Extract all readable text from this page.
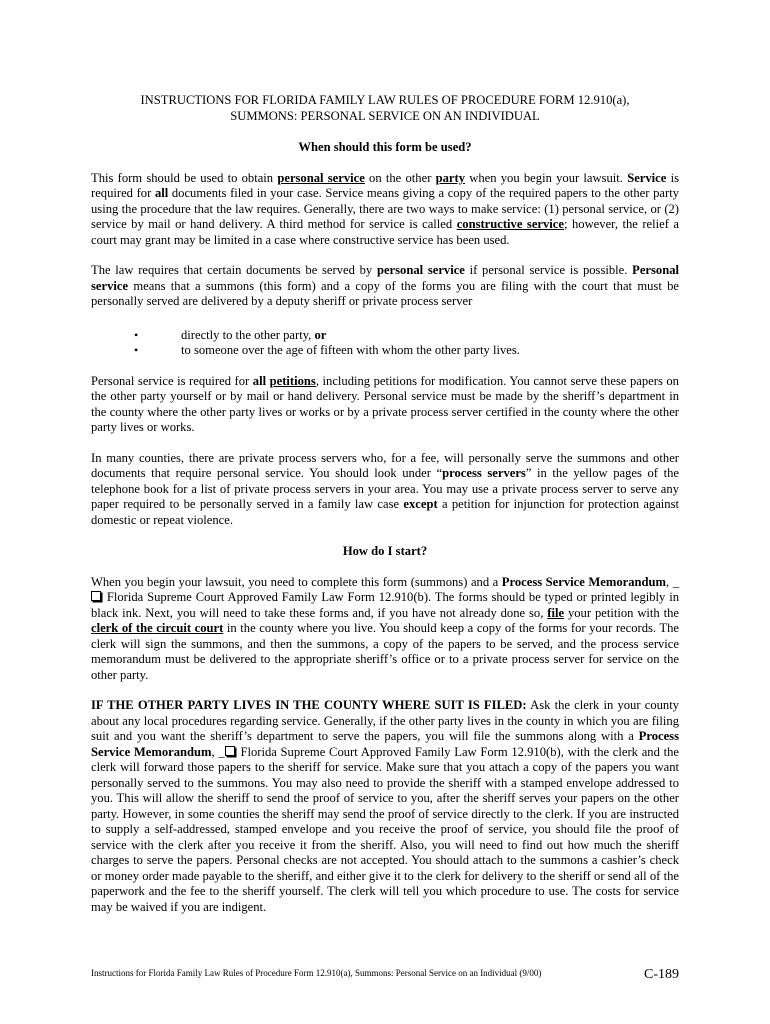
INSTRUCTIONS FOR FLORIDA FAMILY LAW RULES OF PROCEDURE FORM 12.910(a),
SUMMONS: PERSONAL SERVICE ON AN INDIVIDUAL
When should this form be used?

This form should be used to obtain personal service on the other party when you begin your lawsuit. Service is required for all documents filed in your case. Service means giving a copy of the required papers to the other party using the procedure that the law requires. Generally, there are two ways to make service: (1) personal service, or (2) service by mail or hand delivery. A third method for service is called constructive service; however, the relief a court may grant may be limited in a case where constructive service has been used.

The law requires that certain documents be served by personal service if personal service is possible. Personal service means that a summons (this form) and a copy of the forms you are filing with the court that must be personally served are delivered by a deputy sheriff or private process server

•	directly to the other party, or
•	to someone over the age of fifteen with whom the other party lives.

Personal service is required for all petitions, including petitions for modification. You cannot serve these papers on the other party yourself or by mail or hand delivery. Personal service must be made by the sheriff’s department in the county where the other party lives or works or by a private process server certified in the county where the other party lives or works.

In many counties, there are private process servers who, for a fee, will personally serve the summons and other documents that require personal service. You should look under “process servers” in the yellow pages of the telephone book for a list of private process servers in your area. You may use a private process server to serve any paper required to be personally served in a family law case except a petition for injunction for protection against domestic or repeat violence.

How do I start?

When you begin your lawsuit, you need to complete this form (summons) and a Process Service Memorandum, _ Florida Supreme Court Approved Family Law Form 12.910(b). The forms should be typed or printed legibly in black ink. Next, you will need to take these forms and, if you have not already done so, file your petition with the clerk of the circuit court in the county where you live. You should keep a copy of the forms for your records. The clerk will sign the summons, and then the summons, a copy of the papers to be served, and the process service memorandum must be delivered to the appropriate sheriff’s office or to a private process server for service on the other party.

IF THE OTHER PARTY LIVES IN THE COUNTY WHERE SUIT IS FILED: Ask the clerk in your county about any local procedures regarding service. Generally, if the other party lives in the county in which you are filing suit and you want the sheriff’s department to serve the papers, you will file the summons along with a Process Service Memorandum, _ Florida Supreme Court Approved Family Law Form 12.910(b), with the clerk and the clerk will forward those papers to the sheriff for service. Make sure that you attach a copy of the papers you want personally served to the summons. You may also need to provide the sheriff with a stamped envelope addressed to you. This will allow the sheriff to send the proof of service to you, after the sheriff serves your papers on the other party. However, in some counties the sheriff may send the proof of service directly to the clerk. If you are instructed to supply a self-addressed, stamped envelope and you receive the proof of service, you should file the proof of service with the clerk after you receive it from the sheriff. Also, you will need to find out how much the sheriff charges to serve the papers. Personal checks are not accepted. You should attach to the summons a cashier’s check or money order made payable to the sheriff, and either give it to the clerk for delivery to the sheriff or send all of the paperwork and the fee to the sheriff yourself. The clerk will tell you which procedure to use. The costs for service may be waived if you are indigent.

Instructions for Florida Family Law Rules of Procedure Form 12.910(a), Summons: Personal Service on an Individual (9/00)	C-189
